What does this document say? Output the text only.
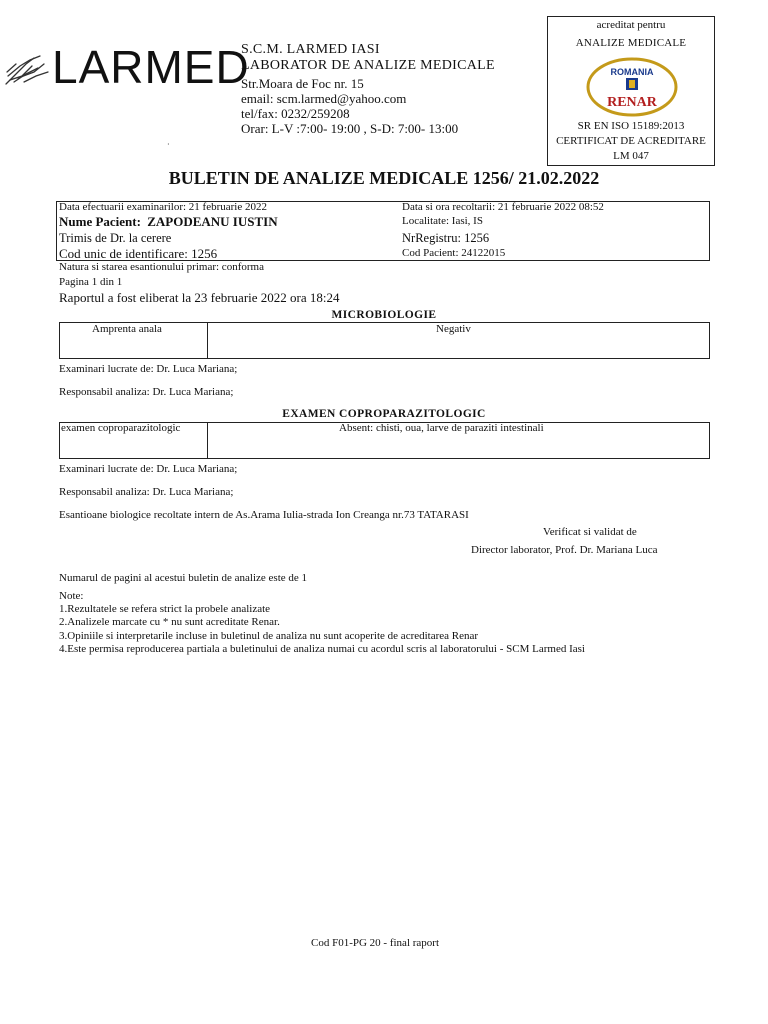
LARMED
S.C.M. LARMED IASI
LABORATOR DE ANALIZE MEDICALE
Str.Moara de Foc nr. 15
email: scm.larmed@yahoo.com
tel/fax: 0232/259208
Orar: L-V :7:00- 19:00 , S-D: 7:00- 13:00
acreditat pentru
ANALIZE MEDICALE
ROMANIA
RENAR
SR EN ISO 15189:2013
CERTIFICAT DE ACREDITARE
LM 047
·
BULETIN DE ANALIZE MEDICALE 1256/ 21.02.2022
Data efectuarii examinarilor: 21 februarie 2022
Nume Pacient: ZAPODEANU IUSTIN
Trimis de Dr. la cerere
Cod unic de identificare: 1256
Data si ora recoltarii: 21 februarie 2022 08:52
Localitate: Iasi, IS
NrRegistru: 1256
Cod Pacient: 24122015
Natura si starea esantionului primar: conforma
Pagina 1 din 1
Raportul a fost eliberat la 23 februarie 2022 ora 18:24
MICROBIOLOGIE
Amprenta anala	Negativ
Examinari lucrate de: Dr. Luca Mariana;
Responsabil analiza: Dr. Luca Mariana;
EXAMEN COPROPARAZITOLOGIC
examen coproparazitologic	Absent: chisti, oua, larve de paraziti intestinali
Examinari lucrate de: Dr. Luca Mariana;
Responsabil analiza: Dr. Luca Mariana;
Esantioane biologice recoltate intern de As.Arama Iulia-strada Ion Creanga nr.73 TATARASI
Verificat si validat de
Director laborator, Prof. Dr. Mariana Luca
Numarul de pagini al acestui buletin de analize este de 1
Note:
1.Rezultatele se refera strict la probele analizate
2.Analizele marcate cu * nu sunt acreditate Renar.
3.Opiniile si interpretarile incluse in buletinul de analiza nu sunt acoperite de acreditarea Renar
4.Este permisa reproducerea partiala a buletinului de analiza numai cu acordul scris al laboratorului - SCM Larmed Iasi
Cod F01-PG 20 - final raport
